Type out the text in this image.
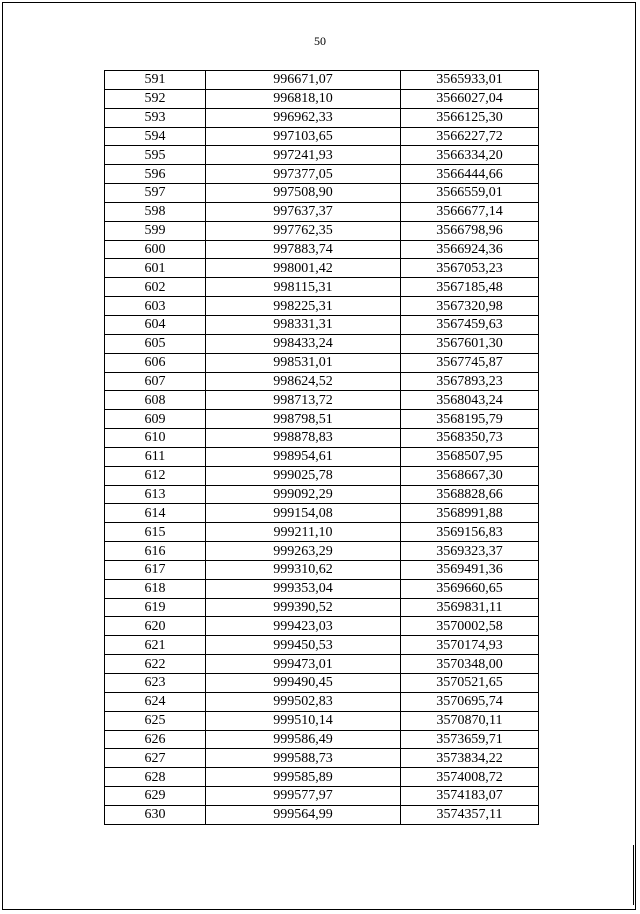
50
591	996671,07	3565933,01
592	996818,10	3566027,04
593	996962,33	3566125,30
594	997103,65	3566227,72
595	997241,93	3566334,20
596	997377,05	3566444,66
597	997508,90	3566559,01
598	997637,37	3566677,14
599	997762,35	3566798,96
600	997883,74	3566924,36
601	998001,42	3567053,23
602	998115,31	3567185,48
603	998225,31	3567320,98
604	998331,31	3567459,63
605	998433,24	3567601,30
606	998531,01	3567745,87
607	998624,52	3567893,23
608	998713,72	3568043,24
609	998798,51	3568195,79
610	998878,83	3568350,73
611	998954,61	3568507,95
612	999025,78	3568667,30
613	999092,29	3568828,66
614	999154,08	3568991,88
615	999211,10	3569156,83
616	999263,29	3569323,37
617	999310,62	3569491,36
618	999353,04	3569660,65
619	999390,52	3569831,11
620	999423,03	3570002,58
621	999450,53	3570174,93
622	999473,01	3570348,00
623	999490,45	3570521,65
624	999502,83	3570695,74
625	999510,14	3570870,11
626	999586,49	3573659,71
627	999588,73	3573834,22
628	999585,89	3574008,72
629	999577,97	3574183,07
630	999564,99	3574357,11
